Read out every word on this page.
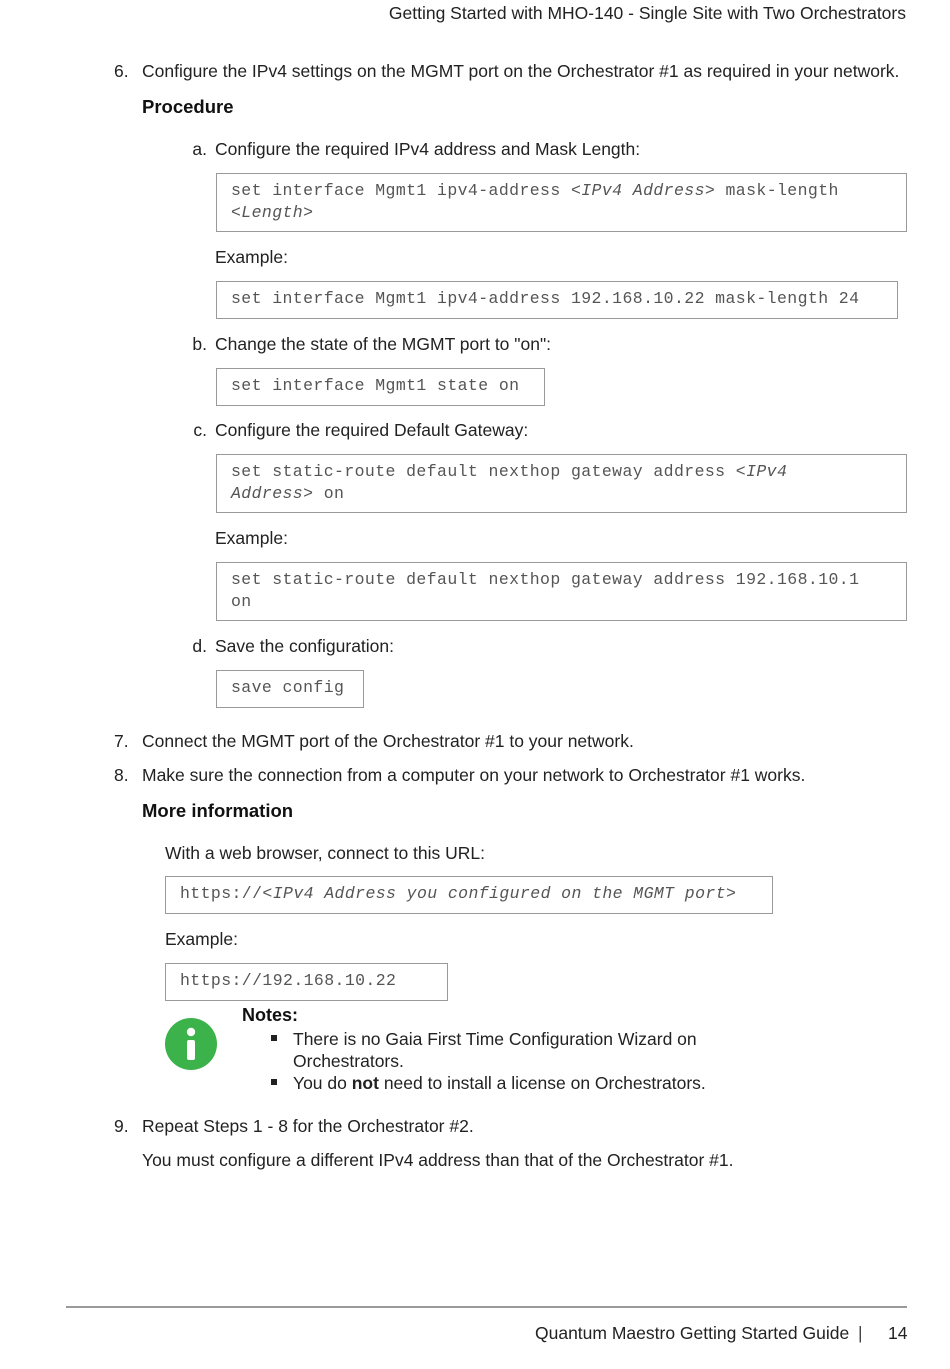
Getting Started with MHO-140 - Single Site with Two Orchestrators
6. Configure the IPv4 settings on the MGMT port on the Orchestrator #1 as required in your network.
Procedure
a. Configure the required IPv4 address and Mask Length:
set interface Mgmt1 ipv4-address <IPv4 Address> mask-length
<Length>
Example:
set interface Mgmt1 ipv4-address 192.168.10.22 mask-length 24
b. Change the state of the MGMT port to "on":
set interface Mgmt1 state on
c. Configure the required Default Gateway:
set static-route default nexthop gateway address <IPv4
Address> on
Example:
set static-route default nexthop gateway address 192.168.10.1
on
d. Save the configuration:
save config
7. Connect the MGMT port of the Orchestrator #1 to your network.
8. Make sure the connection from a computer on your network to Orchestrator #1 works.
More information
With a web browser, connect to this URL:
https://<IPv4 Address you configured on the MGMT port>
Example:
https://192.168.10.22
Notes:
There is no Gaia First Time Configuration Wizard on
Orchestrators.
You do not need to install a license on Orchestrators.
9. Repeat Steps 1 - 8 for the Orchestrator #2.
You must configure a different IPv4 address than that of the Orchestrator #1.
Quantum Maestro Getting Started Guide | 14
